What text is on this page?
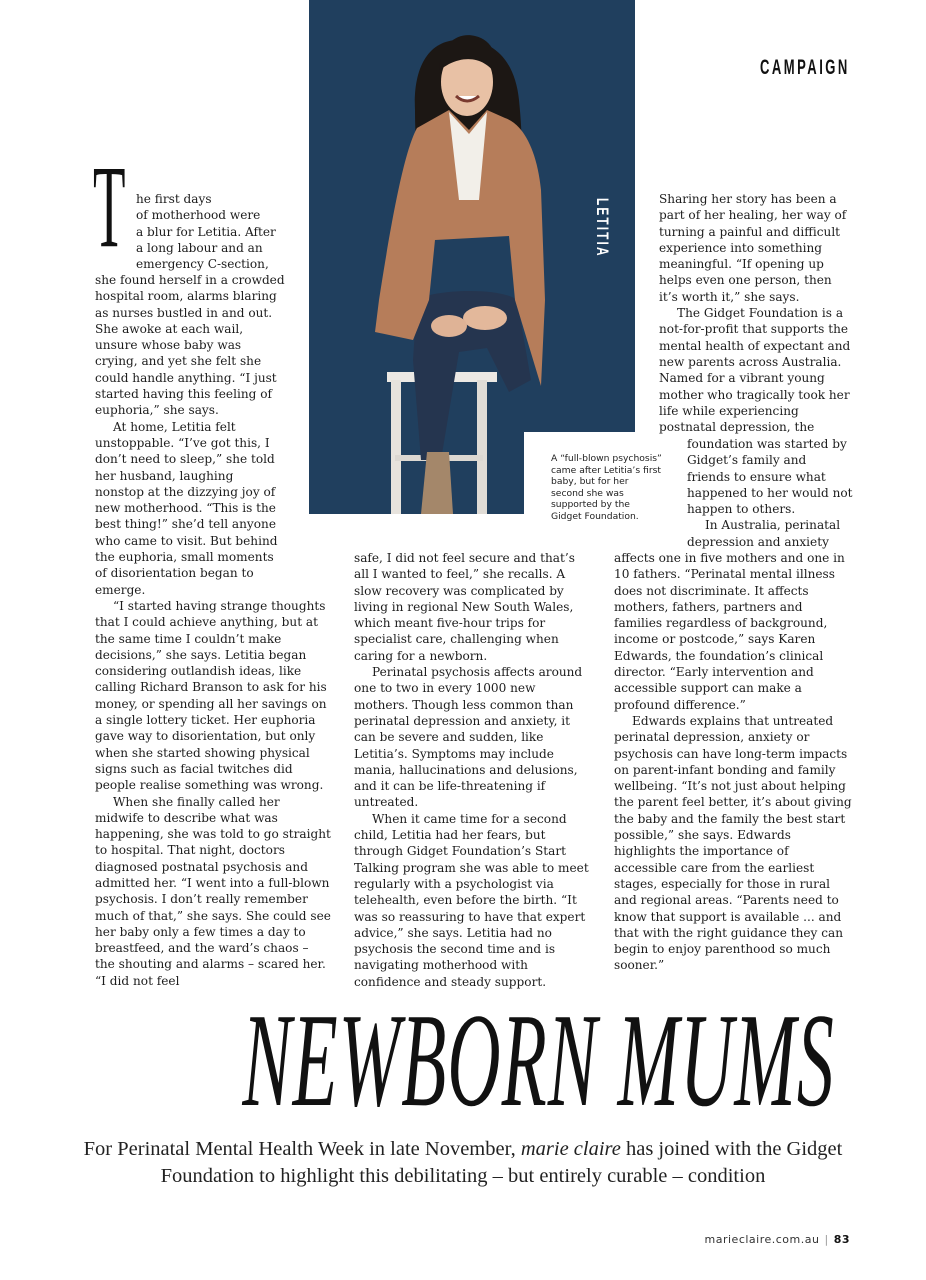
CAMPAIGN
LETITIA
A “full-blown psychosis” came after Letitia’s first baby, but for her second she was supported by the Gidget Foundation.
T he first days
of motherhood were
a blur for Letitia. After
a long labour and an
emergency C-section,

she found herself in a crowded hospital room, alarms blaring as nurses bustled in and out. She awoke at each wail, unsure whose baby was crying, and yet she felt she could handle anything. “I just started having this feeling of euphoria,” she says.

At home, Letitia felt unstoppable. “I’ve got this, I don’t need to sleep,” she told her husband, laughing nonstop at the dizzying joy of new motherhood. “This is the best thing!” she’d tell anyone who came to visit. But behind the euphoria, small moments of disorientation began to emerge.

“I started having strange thoughts that I could achieve anything, but at the same time I couldn’t make decisions,” she says. Letitia began considering outlandish ideas, like calling Richard Branson to ask for his money, or spending all her savings on a single lottery ticket. Her euphoria gave way to disorientation, but only when she started showing physical signs such as facial twitches did people realise something was wrong.

When she finally called her midwife to describe what was happening, she was told to go straight to hospital. That night, doctors diagnosed postnatal psychosis and admitted her. “I went into a full-blown psychosis. I don’t really remember much of that,” she says. She could see her baby only a few times a day to breastfeed, and the ward’s chaos – the shouting and alarms – scared her. “I did not feel

safe, I did not feel secure and that’s all I wanted to feel,” she recalls. A slow recovery was complicated by living in regional New South Wales, which meant five-hour trips for specialist care, challenging when caring for a newborn.

Perinatal psychosis affects around one to two in every 1000 new mothers. Though less common than perinatal depression and anxiety, it can be severe and sudden, like Letitia’s. Symptoms may include mania, hallucinations and delusions, and it can be life-threatening if untreated.

When it came time for a second child, Letitia had her fears, but through Gidget Foundation’s Start Talking program she was able to meet regularly with a psychologist via telehealth, even before the birth. “It was so reassuring to have that expert advice,” she says. Letitia had no psychosis the second time and is navigating motherhood with confidence and steady support.

Sharing her story has been a part of her healing, her way of turning a painful and difficult experience into something meaningful. “If opening up helps even one person, then it’s worth it,” she says.

The Gidget Foundation is a not-for-profit that supports the mental health of expectant and new parents across Australia. Named for a vibrant young mother who tragically took her life while experiencing postnatal depression, the

foundation was started by Gidget’s family and friends to ensure what happened to her would not happen to others.

In Australia, perinatal depression and anxiety

affects one in five mothers and one in 10 fathers. “Perinatal mental illness does not discriminate. It affects mothers, fathers, partners and families regardless of background, income or postcode,” says Karen Edwards, the foundation’s clinical director. “Early intervention and accessible support can make a profound difference.”

Edwards explains that untreated perinatal depression, anxiety or psychosis can have long-term impacts on parent-infant bonding and family wellbeing. “It’s not just about helping the parent feel better, it’s about giving the baby and the family the best start possible,” she says. Edwards highlights the importance of accessible care from the earliest stages, especially for those in rural and regional areas. “Parents need to know that support is available ... and that with the right guidance they can begin to enjoy parenthood so much sooner.”

NEWBORN MUMS
For Perinatal Mental Health Week in late November, marie claire has joined with the Gidget Foundation to highlight this debilitating – but entirely curable – condition
marieclaire.com.au | 83
